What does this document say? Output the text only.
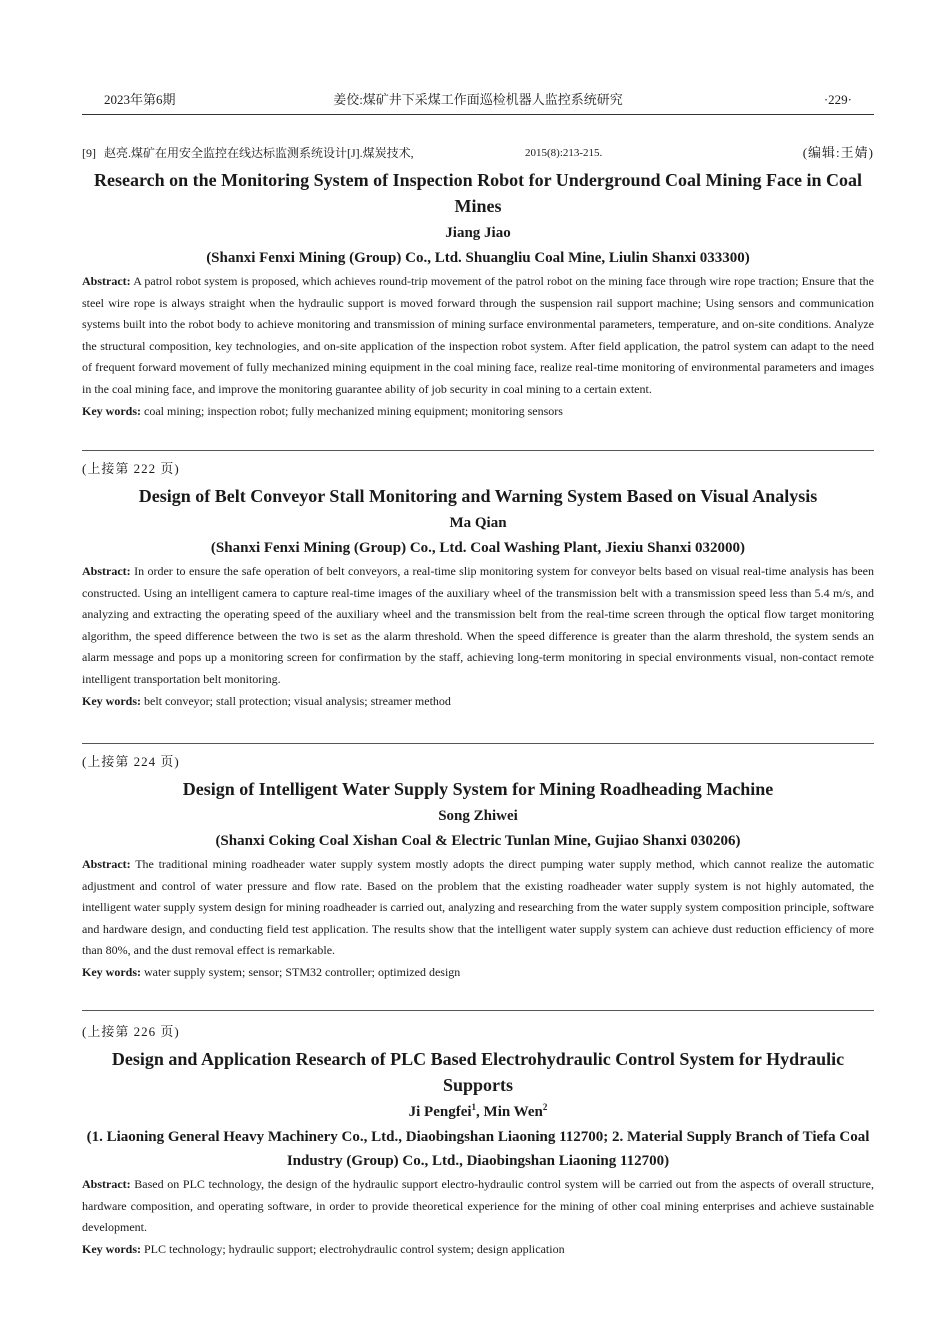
2023年第6期	姜佼:煤矿井下采煤工作面巡检机器人监控系统研究	·229·
[9] 赵亮.煤矿在用安全监控在线达标监测系统设计[J].煤炭技术,	2015(8):213-215.	(编辑:王婧)

Research on the Monitoring System of Inspection Robot for Underground Coal Mining Face in Coal Mines

Jiang Jiao

(Shanxi Fenxi Mining (Group) Co., Ltd. Shuangliu Coal Mine, Liulin Shanxi 033300)

Abstract: A patrol robot system is proposed, which achieves round-trip movement of the patrol robot on the mining face through wire rope traction; Ensure that the steel wire rope is always straight when the hydraulic support is moved forward through the suspension rail support machine; Using sensors and communication systems built into the robot body to achieve monitoring and transmission of mining surface environmental parameters, temperature, and on-site conditions. Analyze the structural composition, key technologies, and on-site application of the inspection robot system. After field application, the patrol system can adapt to the need of frequent forward movement of fully mechanized mining equipment in the coal mining face, realize real-time monitoring of environmental parameters and images in the coal mining face, and improve the monitoring guarantee ability of job security in coal mining to a certain extent.

Key words: coal mining; inspection robot; fully mechanized mining equipment; monitoring sensors

(上接第 222 页)

Design of Belt Conveyor Stall Monitoring and Warning System Based on Visual Analysis

Ma Qian

(Shanxi Fenxi Mining (Group) Co., Ltd. Coal Washing Plant, Jiexiu Shanxi 032000)

Abstract: In order to ensure the safe operation of belt conveyors, a real-time slip monitoring system for conveyor belts based on visual real-time analysis has been constructed. Using an intelligent camera to capture real-time images of the auxiliary wheel of the transmission belt with a transmission speed less than 5.4 m/s, and analyzing and extracting the operating speed of the auxiliary wheel and the transmission belt from the real-time screen through the optical flow target monitoring algorithm, the speed difference between the two is set as the alarm threshold. When the speed difference is greater than the alarm threshold, the system sends an alarm message and pops up a monitoring screen for confirmation by the staff, achieving long-term monitoring in special environments visual, non-contact remote intelligent transportation belt monitoring.

Key words: belt conveyor; stall protection; visual analysis; streamer method

(上接第 224 页)

Design of Intelligent Water Supply System for Mining Roadheading Machine

Song Zhiwei

(Shanxi Coking Coal Xishan Coal & Electric Tunlan Mine, Gujiao Shanxi 030206)

Abstract: The traditional mining roadheader water supply system mostly adopts the direct pumping water supply method, which cannot realize the automatic adjustment and control of water pressure and flow rate. Based on the problem that the existing roadheader water supply system is not highly automated, the intelligent water supply system design for mining roadheader is carried out, analyzing and researching from the water supply system composition principle, software and hardware design, and conducting field test application. The results show that the intelligent water supply system can achieve dust reduction efficiency of more than 80%, and the dust removal effect is remarkable.

Key words: water supply system; sensor; STM32 controller; optimized design

(上接第 226 页)

Design and Application Research of PLC Based Electrohydraulic Control System for Hydraulic Supports

Ji Pengfei$^1$, Min Wen$^2$

(1. Liaoning General Heavy Machinery Co., Ltd., Diaobingshan Liaoning 112700; 2. Material Supply Branch of Tiefa Coal Industry (Group) Co., Ltd., Diaobingshan Liaoning 112700)

Abstract: Based on PLC technology, the design of the hydraulic support electro-hydraulic control system will be carried out from the aspects of overall structure, hardware composition, and operating software, in order to provide theoretical experience for the mining of other coal mining enterprises and achieve sustainable development.

Key words: PLC technology; hydraulic support; electrohydraulic control system; design application
